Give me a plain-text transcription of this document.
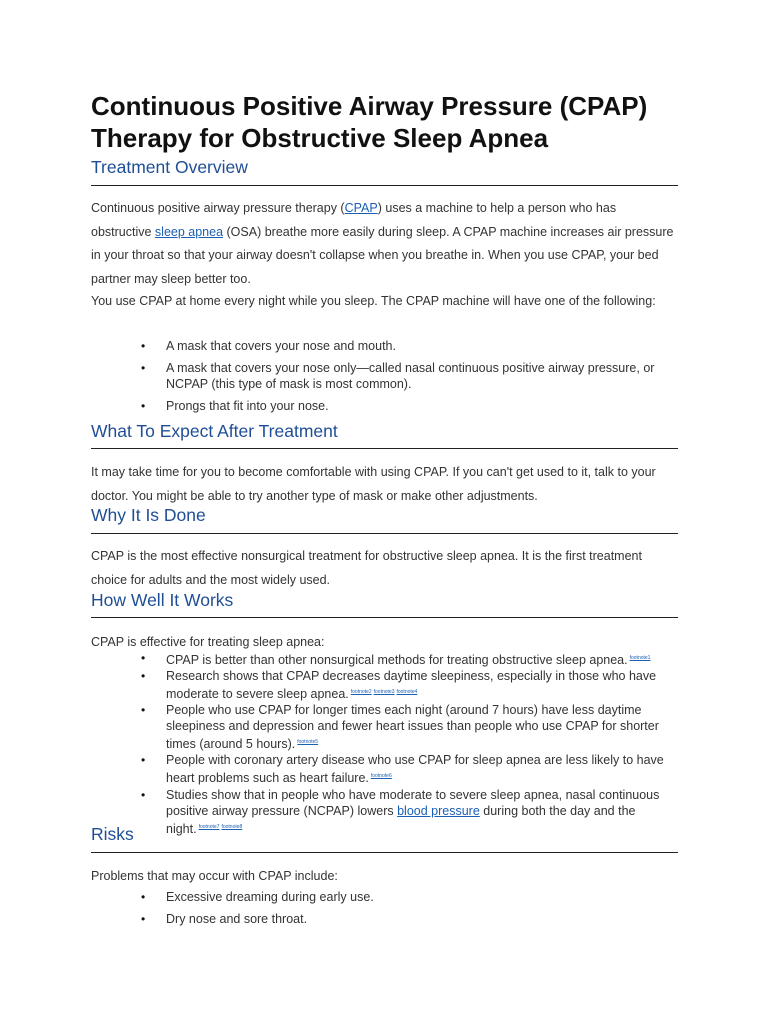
Continuous Positive Airway Pressure (CPAP) Therapy for Obstructive Sleep Apnea
Treatment Overview

Continuous positive airway pressure therapy (CPAP) uses a machine to help a person who has obstructive sleep apnea (OSA) breathe more easily during sleep. A CPAP machine increases air pressure in your throat so that your airway doesn't collapse when you breathe in. When you use CPAP, your bed partner may sleep better too.

You use CPAP at home every night while you sleep. The CPAP machine will have one of the following:

• A mask that covers your nose and mouth.
• A mask that covers your nose only—called nasal continuous positive airway pressure, or NCPAP (this type of mask is most common).
• Prongs that fit into your nose.
What To Expect After Treatment

It may take time for you to become comfortable with using CPAP. If you can't get used to it, talk to your doctor. You might be able to try another type of mask or make other adjustments.

Why It Is Done

CPAP is the most effective nonsurgical treatment for obstructive sleep apnea. It is the first treatment choice for adults and the most widely used.

How Well It Works

CPAP is effective for treating sleep apnea:

• CPAP is better than other nonsurgical methods for treating obstructive sleep apnea. $^{footnote1}$
• Research shows that CPAP decreases daytime sleepiness, especially in those who have moderate to severe sleep apnea. $^{footnote2}$ $^{footnote3}$ $^{footnote4}$
• People who use CPAP for longer times each night (around 7 hours) have less daytime sleepiness and depression and fewer heart issues than people who use CPAP for shorter times (around 5 hours). $^{footnote5}$
• People with coronary artery disease who use CPAP for sleep apnea are less likely to have heart problems such as heart failure. $^{footnote6}$
• Studies show that in people who have moderate to severe sleep apnea, nasal continuous positive airway pressure (NCPAP) lowers blood pressure during both the day and the night. $^{footnote7}$ $^{footnote8}$
Risks

Problems that may occur with CPAP include:

• Excessive dreaming during early use.
• Dry nose and sore throat.
